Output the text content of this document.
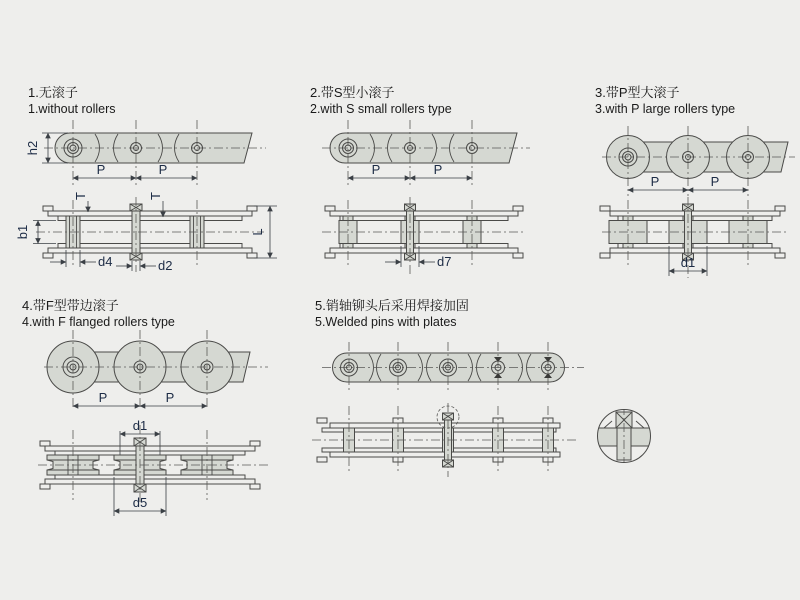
1.无滚子
1.without rollers
h2
P	P
T	T
b1	L
d4	d2
2.带S型小滚子
2.with S small rollers type
P	P
d7
3.带P型大滚子
3.with P large rollers type
P	P
d1
4.带F型带边滚子
4.with F flanged rollers type
P	P
d1
d5
5.销轴铆头后采用焊接加固
5.Welded pins with plates
